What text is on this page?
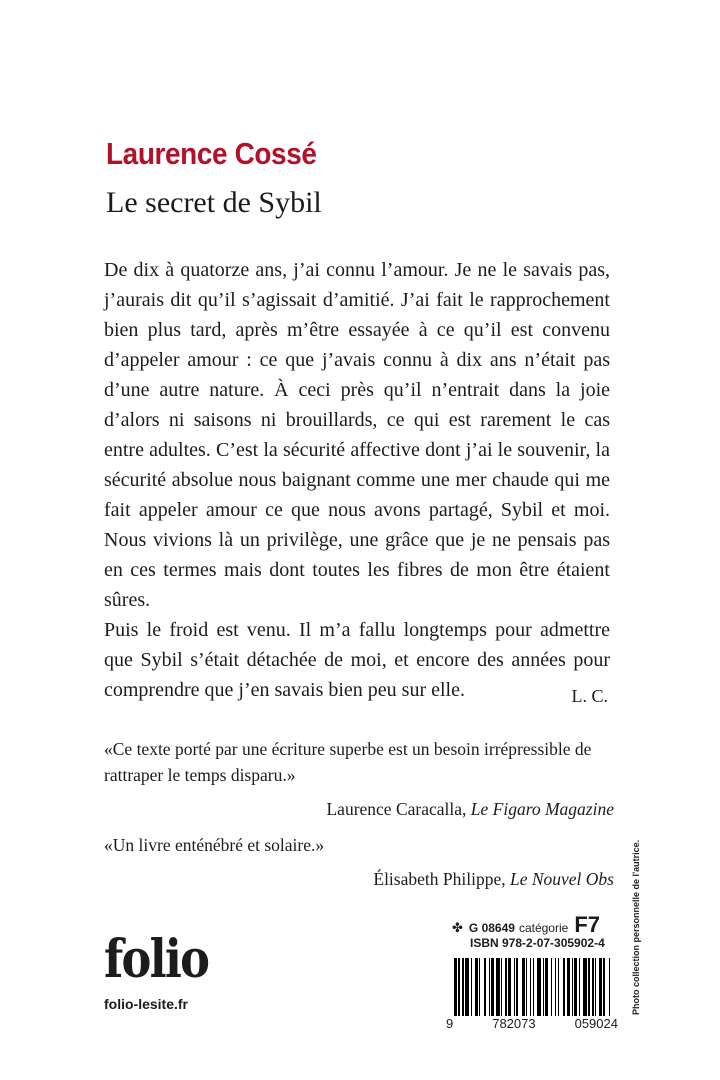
Laurence Cossé
Le secret de Sybil

De dix à quatorze ans, j’ai connu l’amour. Je ne le savais pas, j’aurais dit qu’il s’agissait d’amitié. J’ai fait le rapprochement bien plus tard, après m’être essayée à ce qu’il est convenu d’appeler amour : ce que j’avais connu à dix ans n’était pas d’une autre nature. À ceci près qu’il n’entrait dans la joie d’alors ni saisons ni brouillards, ce qui est rarement le cas entre adultes. C’est la sécurité affective dont j’ai le souvenir, la sécurité absolue nous baignant comme une mer chaude qui me fait appeler amour ce que nous avons partagé, Sybil et moi. Nous vivions là un privilège, une grâce que je ne pensais pas en ces termes mais dont toutes les fibres de mon être étaient sûres.

Puis le froid est venu. Il m’a fallu longtemps pour admettre que Sybil s’était détachée de moi, et encore des années pour comprendre que j’en savais bien peu sur elle.	L. C.

«Ce texte porté par une écriture superbe est un besoin irrépressible de rattraper le temps disparu.»

Laurence Caracalla, Le Figaro Magazine

«Un livre enténébré et solaire.»

Élisabeth Philippe, Le Nouvel Obs

folio
folio-lesite.fr
✤ G 08649 catégorie F7
ISBN 978-2-07-305902-4
9	782073	059024
Photo collection personnelle de l'autrice.
